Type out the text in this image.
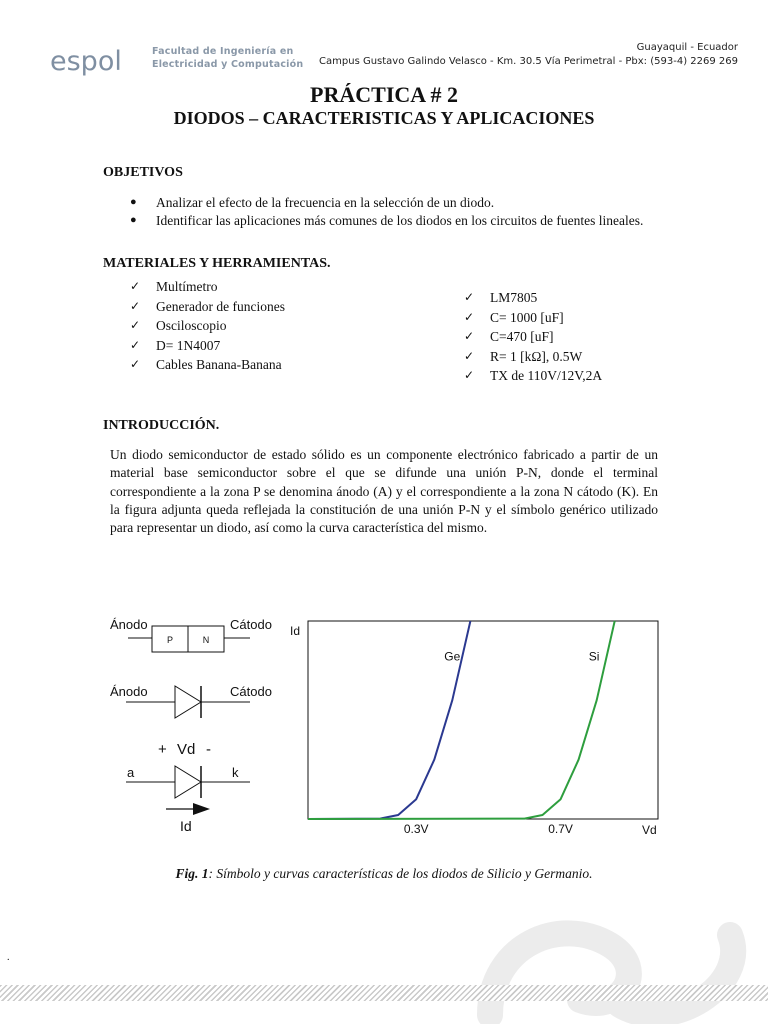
espol	Facultad de Ingeniería en
Electricidad y Computación
Guayaquil - Ecuador
Campus Gustavo Galindo Velasco - Km. 30.5 Vía Perimetral - Pbx: (593-4) 2269 269
PRÁCTICA # 2
DIODOS – CARACTERISTICAS Y APLICACIONES
OBJETIVOS
● Analizar el efecto de la frecuencia en la selección de un diodo.
● Identificar las aplicaciones más comunes de los diodos en los circuitos de fuentes lineales.
MATERIALES Y HERRAMIENTAS.
✓ Multímetro
✓ Generador de funciones
✓ Osciloscopio
✓ D= 1N4007
✓ Cables Banana-Banana
✓ LM7805
✓ C= 1000 [uF]
✓ C=470 [uF]
✓ R= 1 [kΩ], 0.5W
✓ TX de 110V/12V,2A
INTRODUCCIÓN.
Un diodo semiconductor de estado sólido es un componente electrónico fabricado a partir de un material base semiconductor sobre el que se difunde una unión P-N, donde el terminal correspondiente a la zona P se denomina ánodo (A) y el correspondiente a la zona N cátodo (K). En la figura adjunta queda reflejada la constitución de una unión P-N y el símbolo genérico utilizado para representar un diodo, así como la curva característica del mismo.
Ánodo	Cátodo
P	N
Ánodo	Cátodo
+ Vd -
a	k
Id
Id
Vd
Ge	Si
0.3V	0.7V
Fig. 1: Símbolo y curvas características de los diodos de Silicio y Germanio.
.
